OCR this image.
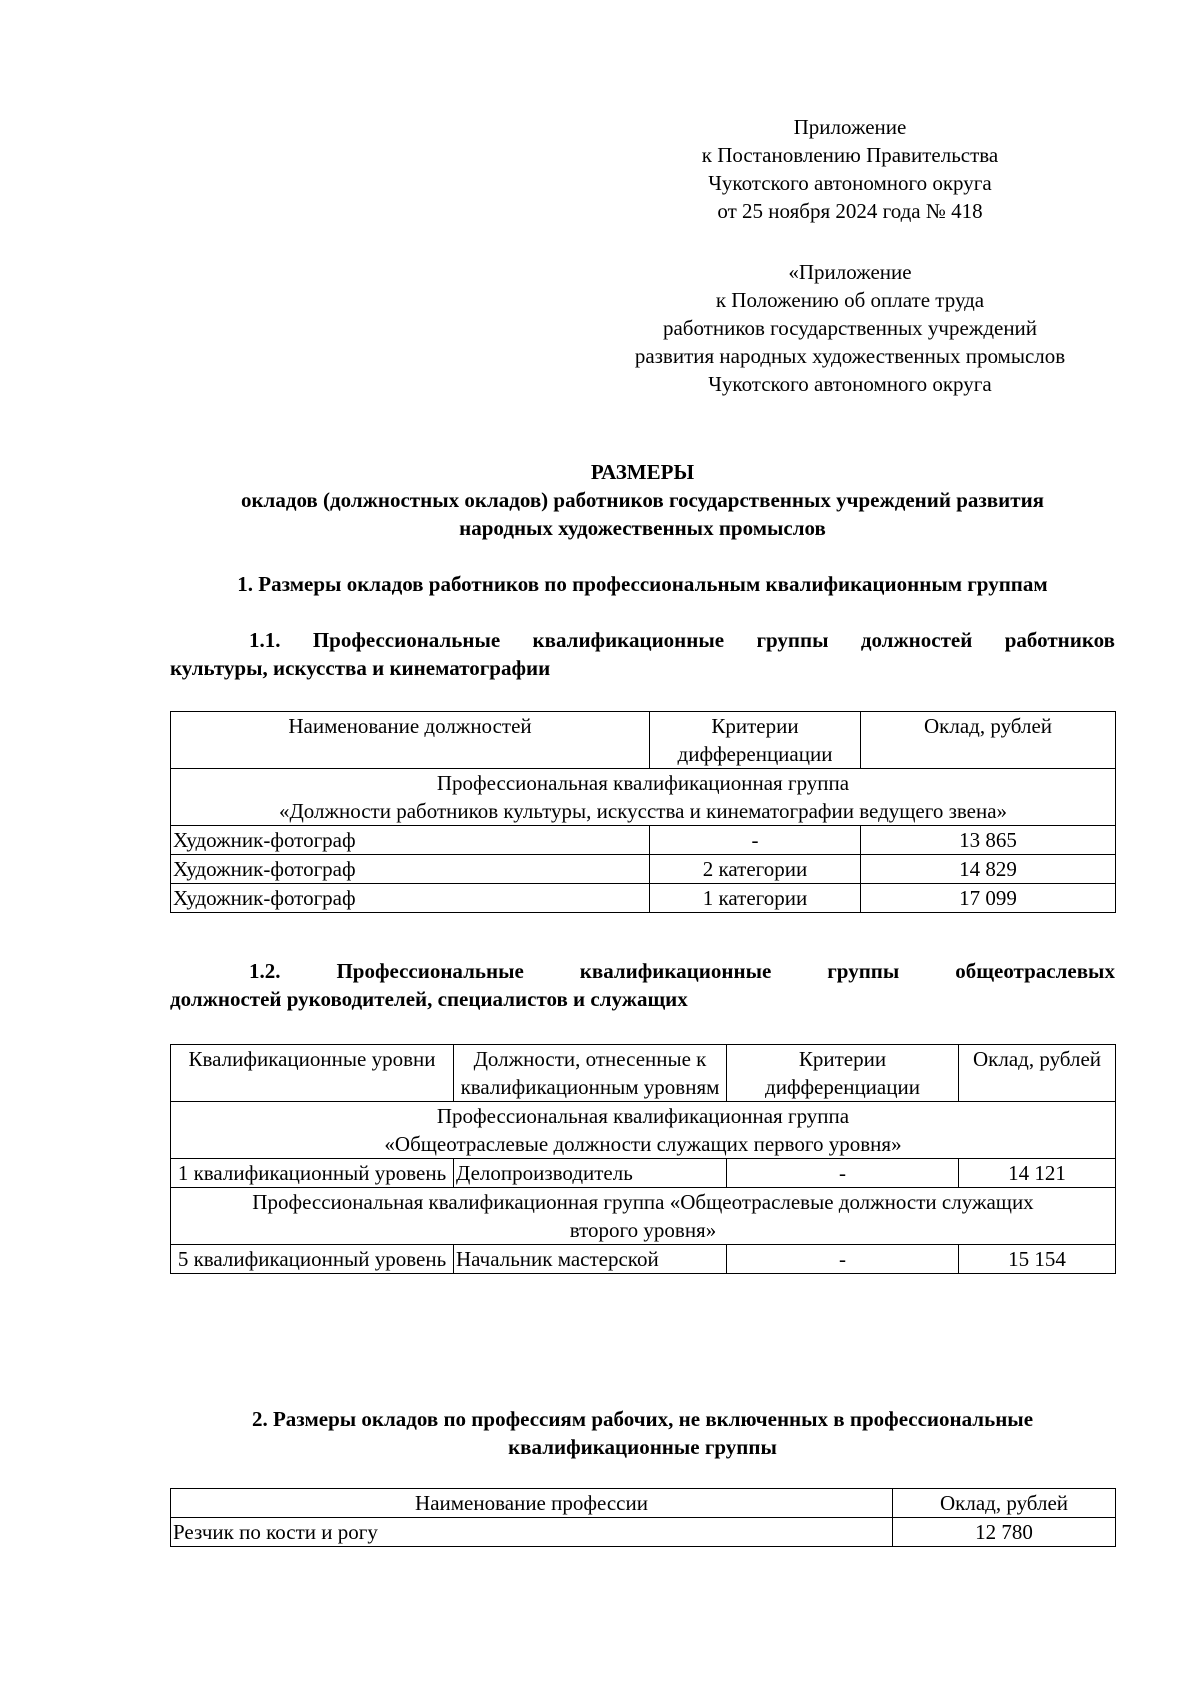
Приложение
к Постановлению Правительства
Чукотского автономного округа
от 25 ноября 2024 года № 418
«Приложение
к Положению об оплате труда
работников государственных учреждений
развития народных художественных промыслов
Чукотского автономного округа
РАЗМЕРЫ
окладов (должностных окладов) работников государственных учреждений развития
народных художественных промыслов
1. Размеры окладов работников по профессиональным квалификационным группам
1.1. Профессиональные квалификационные группы должностей работников
культуры, искусства и кинематографии
Наименование должностей	Критерии дифференциации	Оклад, рублей

Профессиональная квалификационная группа
«Должности работников культуры, искусства и кинематографии ведущего звена»		

Художник-фотограф	-	13 865
Художник-фотограф	2 категории	14 829
Художник-фотограф	1 категории	17 099
1.2.	Профессиональные	квалификационные	группы	общеотраслевых
должностей руководителей, специалистов и служащих
Квалификационные уровни	Должности, отнесенные к квалификационным уровням	Критерии дифференциации	Оклад, рублей

Профессиональная квалификационная группа
«Общеотраслевые должности служащих первого уровня»			

1 квалификационный уровень	Делопроизводитель	-	14 121

Профессиональная квалификационная группа «Общеотраслевые должности служащих
второго уровня»			

5 квалификационный уровень	Начальник мастерской	-	15 154
2. Размеры окладов по профессиям рабочих, не включенных в профессиональные
квалификационные группы
Наименование профессии	Оклад, рублей
Резчик по кости и рогу	12 780
